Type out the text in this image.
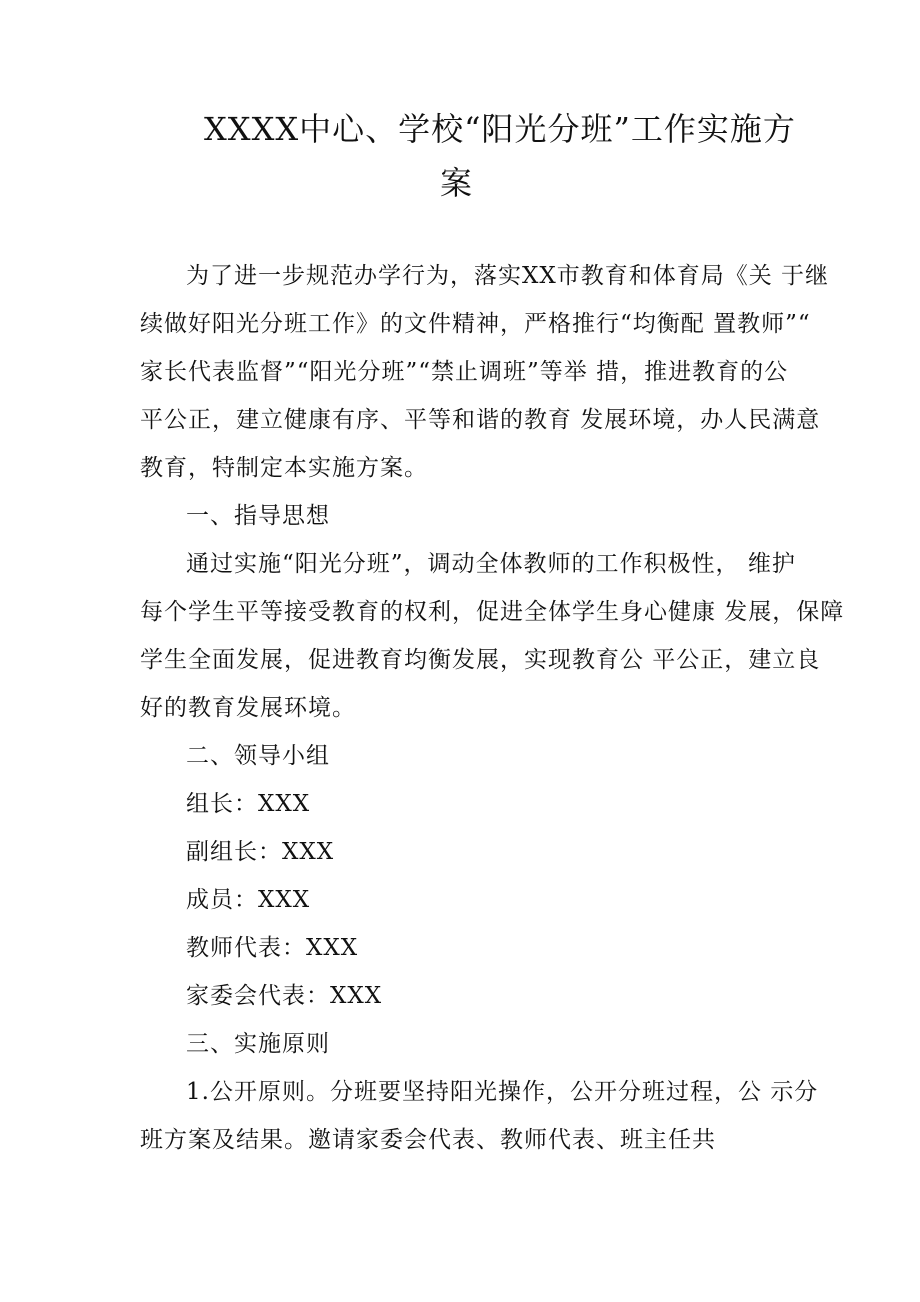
XXXX中心、学校“阳光分班”工作实施方
案
为了进一步规范办学行为，落实XX市教育和体育局《关 于继
续做好阳光分班工作》的文件精神，严格推行“均衡配 置教师”“
家长代表监督”“阳光分班”“禁止调班”等举 措，推进教育的公
平公正，建立健康有序、平等和谐的教育 发展环境，办人民满意
教育，特制定本实施方案。
一、指导思想
通过实施“阳光分班”，调动全体教师的工作积极性， 维护
每个学生平等接受教育的权利，促进全体学生身心健康 发展，保障
学生全面发展，促进教育均衡发展，实现教育公 平公正，建立良
好的教育发展环境。
二、领导小组
组长：XXX
副组长：XXX
成员：XXX
教师代表：XXX
家委会代表：XXX
三、实施原则
1.公开原则。分班要坚持阳光操作，公开分班过程，公 示分
班方案及结果。邀请家委会代表、教师代表、班主任共
